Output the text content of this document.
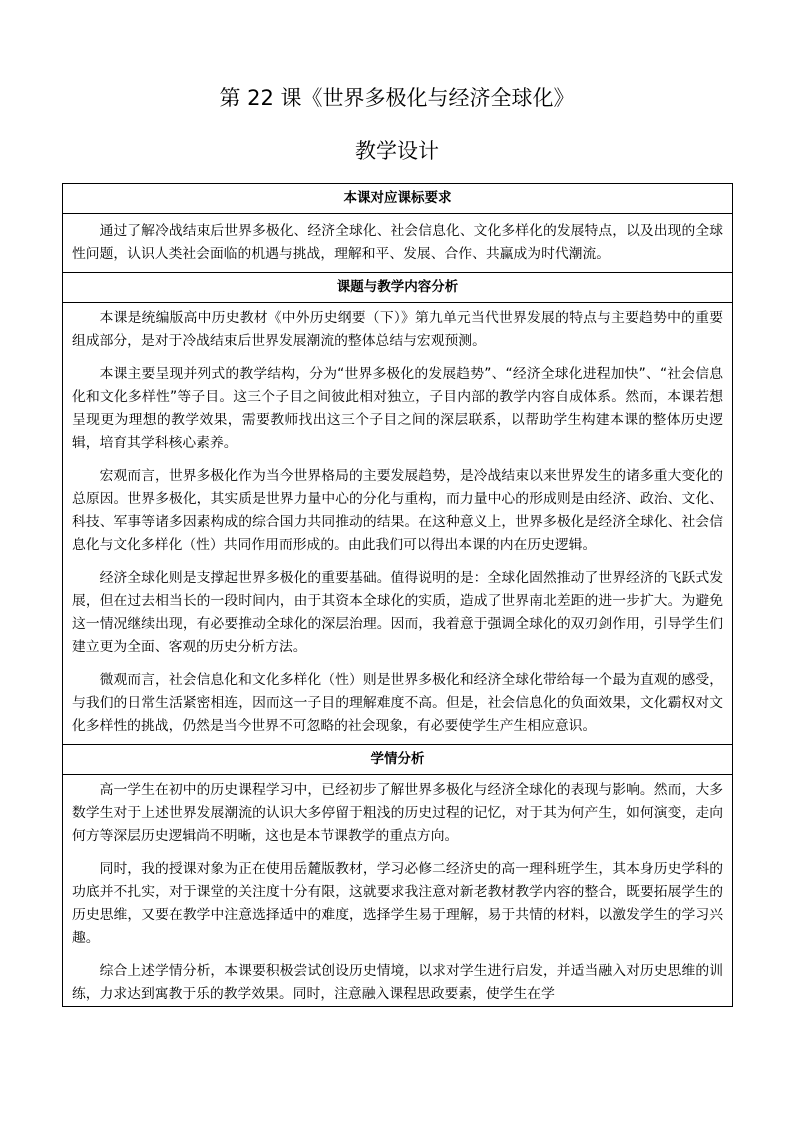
第 22 课《世界多极化与经济全球化》
教学设计
本课对应课标要求

通过了解冷战结束后世界多极化、经济全球化、社会信息化、文化多样化的发展特点，以及出现的全球性问题，认识人类社会面临的机遇与挑战，理解和平、发展、合作、共赢成为时代潮流。

课题与教学内容分析

本课是统编版高中历史教材《中外历史纲要（下）》第九单元当代世界发展的特点与主要趋势中的重要组成部分，是对于冷战结束后世界发展潮流的整体总结与宏观预测。

本课主要呈现并列式的教学结构，分为“世界多极化的发展趋势”、“经济全球化进程加快”、“社会信息化和文化多样性”等子目。这三个子目之间彼此相对独立，子目内部的教学内容自成体系。然而，本课若想呈现更为理想的教学效果，需要教师找出这三个子目之间的深层联系，以帮助学生构建本课的整体历史逻辑，培育其学科核心素养。

宏观而言，世界多极化作为当今世界格局的主要发展趋势，是冷战结束以来世界发生的诸多重大变化的总原因。世界多极化，其实质是世界力量中心的分化与重构，而力量中心的形成则是由经济、政治、文化、科技、军事等诸多因素构成的综合国力共同推动的结果。在这种意义上，世界多极化是经济全球化、社会信息化与文化多样化（性）共同作用而形成的。由此我们可以得出本课的内在历史逻辑。

经济全球化则是支撑起世界多极化的重要基础。值得说明的是：全球化固然推动了世界经济的飞跃式发展，但在过去相当长的一段时间内，由于其资本全球化的实质，造成了世界南北差距的进一步扩大。为避免这一情况继续出现，有必要推动全球化的深层治理。因而，我着意于强调全球化的双刃剑作用，引导学生们建立更为全面、客观的历史分析方法。

微观而言，社会信息化和文化多样化（性）则是世界多极化和经济全球化带给每一个最为直观的感受，与我们的日常生活紧密相连，因而这一子目的理解难度不高。但是，社会信息化的负面效果，文化霸权对文化多样性的挑战，仍然是当今世界不可忽略的社会现象，有必要使学生产生相应意识。

学情分析

高一学生在初中的历史课程学习中，已经初步了解世界多极化与经济全球化的表现与影响。然而，大多数学生对于上述世界发展潮流的认识大多停留于粗浅的历史过程的记忆，对于其为何产生，如何演变，走向何方等深层历史逻辑尚不明晰，这也是本节课教学的重点方向。

同时，我的授课对象为正在使用岳麓版教材，学习必修二经济史的高一理科班学生，其本身历史学科的功底并不扎实，对于课堂的关注度十分有限，这就要求我注意对新老教材教学内容的整合，既要拓展学生的历史思维，又要在教学中注意选择适中的难度，选择学生易于理解，易于共情的材料，以激发学生的学习兴趣。

综合上述学情分析，本课要积极尝试创设历史情境，以求对学生进行启发，并适当融入对历史思维的训练，力求达到寓教于乐的教学效果。同时，注意融入课程思政要素，使学生在学
